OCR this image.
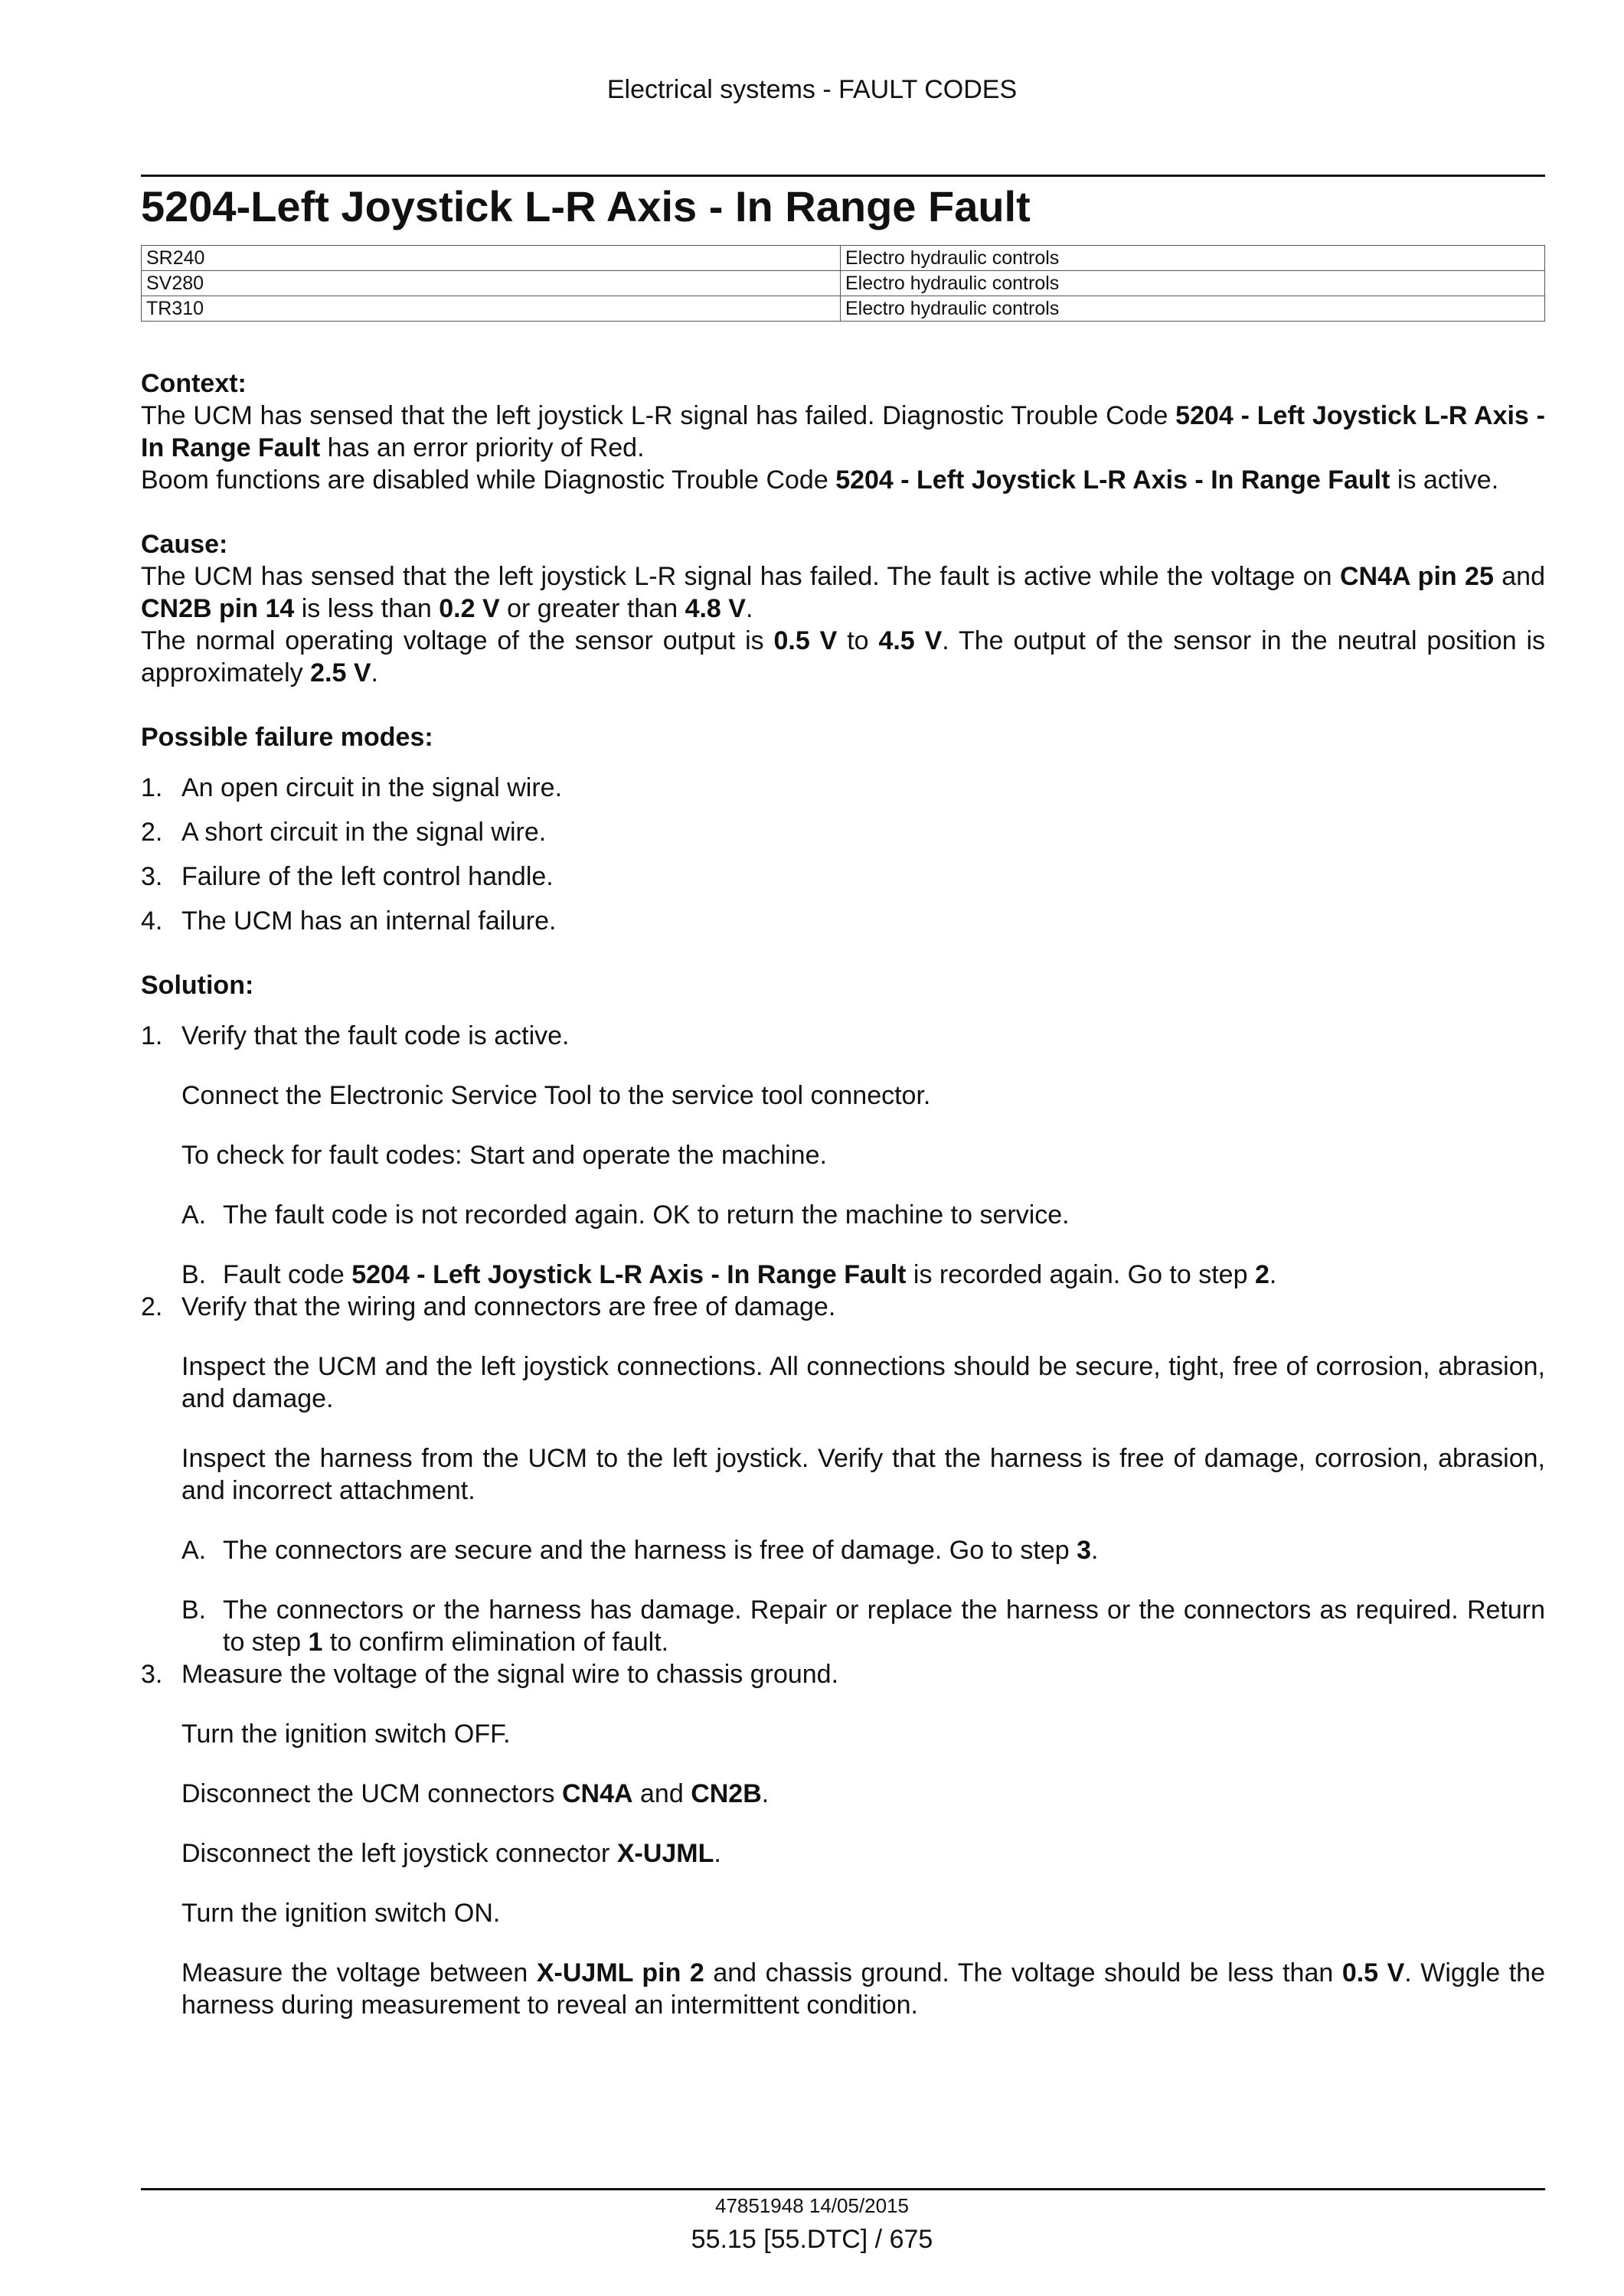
Electrical systems - FAULT CODES
5204-Left Joystick L-R Axis - In Range Fault
SR240	Electro hydraulic controls
SV280	Electro hydraulic controls
TR310	Electro hydraulic controls

Context:

The UCM has sensed that the left joystick L-R signal has failed. Diagnostic Trouble Code 5204 - Left Joystick L-R Axis - In Range Fault has an error priority of Red.

Boom functions are disabled while Diagnostic Trouble Code 5204 - Left Joystick L-R Axis - In Range Fault is active.

Cause:

The UCM has sensed that the left joystick L-R signal has failed. The fault is active while the voltage on CN4A pin 25 and CN2B pin 14 is less than 0.2 V or greater than 4.8 V.

The normal operating voltage of the sensor output is 0.5 V to 4.5 V. The output of the sensor in the neutral position is approximately 2.5 V.

Possible failure modes:

1. An open circuit in the signal wire.

2. A short circuit in the signal wire.

3. Failure of the left control handle.

4. The UCM has an internal failure.

Solution:

1. Verify that the fault code is active.

Connect the Electronic Service Tool to the service tool connector.

To check for fault codes: Start and operate the machine.

A. The fault code is not recorded again. OK to return the machine to service.

B. Fault code 5204 - Left Joystick L-R Axis - In Range Fault is recorded again. Go to step 2.

2. Verify that the wiring and connectors are free of damage.

Inspect the UCM and the left joystick connections. All connections should be secure, tight, free of corrosion, abrasion, and damage.

Inspect the harness from the UCM to the left joystick. Verify that the harness is free of damage, corrosion, abrasion, and incorrect attachment.

A. The connectors are secure and the harness is free of damage. Go to step 3.

B. The connectors or the harness has damage. Repair or replace the harness or the connectors as required. Return to step 1 to confirm elimination of fault.

3. Measure the voltage of the signal wire to chassis ground.

Turn the ignition switch OFF.

Disconnect the UCM connectors CN4A and CN2B.

Disconnect the left joystick connector X-UJML.

Turn the ignition switch ON.

Measure the voltage between X-UJML pin 2 and chassis ground. The voltage should be less than 0.5 V. Wiggle the harness during measurement to reveal an intermittent condition.

47851948 14/05/2015
55.15 [55.DTC] / 675
